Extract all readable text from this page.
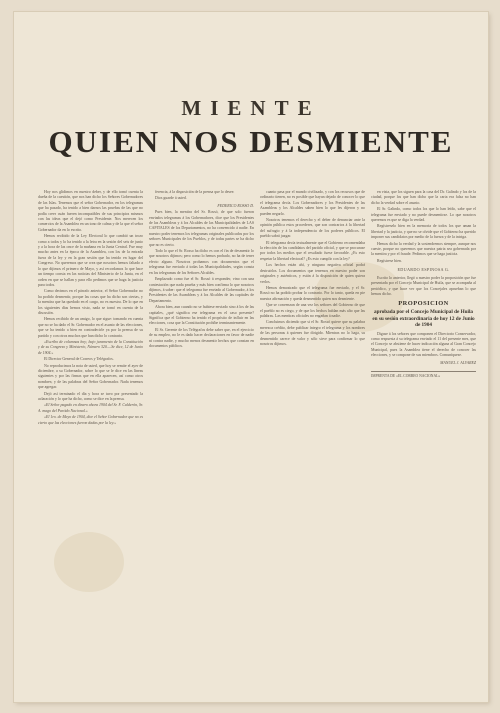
MIENTE
QUIEN NOS DESMIENTE

Hoy nos glidimos en nuestro deber, y de ello tomó cuenta la dueña de la cuestión, que nos han dicho los Señores Gobernadores de las Islas. Tenemos que el señor Gobernador, en los telegramas que ha pasado, ha tenido a bien darnos las pruebas de las que no podía creer cuán fueren incompatibles de sus principios mismos con las ideas que el dejó como Presidente. Nos merecen los comercios de la Asamblea en un tono de calma y de la que el señor Gobernador da en lo escrito.

Hemos recibido de la Ley Electoral lo que cambió un trozo como a todos y lo ha tenido a la letra en la sesión del seis de junio y a la hora de las once de la mañana en la Junta Central. Fue muy mucho antes en la época de la Asamblea, con los de la entrada fuera de la ley y en la gran sesión que ha tenido en lugar del Congreso. No queremos que se crea que nosotros hemos faltado a lo que dijimos el primero de Mayo, y así recordamos lo que hace un tiempo consta en las noticias del Ministerio de la Junta, en el orden en que se hallan y para ello pedimos que se haga la justicia para todos.

Como decimos en el párrafo anterior, el Señor Gobernador no ha podido desmentir, porque las cosas que ha dicho son ciertas, y la mentira que ha quedado en el cargo, no es nuestra. De lo que en los siguientes días hemos visto, nada se tomó en cuenta de la discusión.

Hemos recibido de un amigo, lo que sigue: tomando en cuenta que no se ha dado el Sr. Gobernador en el asunto de las elecciones, que se ha tenido a bien en contradecirle ya por la prensa de su partido y con otros muchos que han dicho lo contrario.

«Escribo de columnas hoy; bajo juramento de la Constitución y de su Congreso y Ministerio, Número 320.—Se dice, 12 de Junio de 1904.»

El Director General de Correos y Telégrafos.

No reproducimos la nota de usted, que hoy se remite el ayer de diciembre, a su Gobernador, sobre lo que se le dice en las líneas siguientes y por las firmas que en ella aparecen, así como otros nombres; y de las palabras del Señor Gobernador. Nada tenemos que agregar.

Dejó así terminado el día y hora se tuvo por presentado la aclaración y lo que ha dicho, como se dice en la prensa.

«El Señor pagado en dinero ahora 1904 del Sr. F. Calderón, Sr. A. mago del Partido Nacional.»

«El 1ro. de Mayo de 1904, dice el Señor Gobernador que no es cierto que las elecciones fueron dadas por la ley.»

ferencia, á la disposición de la prensa que lo desee.

Dios guarde á usted.

FEDERICO ROSSO D.

Pues bien, la mentira del Sr. Rossó, de que solo fueron enviados telegramas á los Gobernadores, dice que los Presidentes de las Asambleas y á los Alcaldes de las Municipalidades de LAS CAPITALES de los Departamentos, no ha convencido á nadie. En nuestro poder tenemos los telegramas originales publicados por los señores Municipales de los Pueblos, y de todas partes se ha dicho que no es cierto.

Todo lo que el Sr. Rosso ha dicho es con el fin de desmentir lo que nosotros dijimos; pero como lo hemos probado, no ha de tener efecto alguno. Nosotros probamos con documentos que el telegrama fue enviado á todas las Municipalidades, según consta en los telegramas de los Señores Alcaldes.

Emplazado como fue el Sr. Rossó á responder, vino con una contestación que nada prueba y más bien confirma lo que nosotros dijimos, á saber: que el telegrama fue enviado al Gobernador, á los Presidentes de las Asambleas y á los Alcaldes de las capitales de Departamento.

Ahora bien, aun cuando no se hubiese enviado sino á los de las capitales, ¿qué significa ese telegrama en el caso presente? Significa que el Gobierno ha tenido el propósito de influir en las elecciones, cosa que la Constitución prohíbe terminantemente.

El Sr. Gerente de los Telégrafos debe saber que, en el ejercicio de su empleo, no le es dado hacer declaraciones en favor de nadie ni contra nadie, y mucho menos desmentir hechos que constan en documentos públicos.

cuanto pasa por el mundo civilizado, y con los recursos que de ordinario tienen, no es posible que hayan dejado de conocer lo que el telegrama decía. Los Gobernadores y los Presidentes de las Asambleas y los Alcaldes saben bien lo que les dijeron y no pueden negarlo.

Nosotros tenemos el derecho y el deber de denunciar ante la opinión pública estos procederes, que son contrarios á la libertad del sufragio y á la independencia de los poderes públicos. El pueblo sabrá juzgar.

El telegrama decía textualmente que el Gobierno recomendaba la elección de los candidatos del partido oficial, y que se procurase por todos los medios que el resultado fuese favorable. ¿Es esto respetar la libertad electoral? ¿Es esto cumplir con la ley?

Los hechos están ahí, y ninguna negativa oficial podrá destruirlos. Los documentos que tenemos en nuestro poder son originales y auténticos, y están á la disposición de quien quiera verlos.

Hemos demostrado que el telegrama fue enviado, y el Sr. Rossó no ha podido probar lo contrario. Por lo tanto, queda en pie nuestra afirmación y queda desmentido quien nos desmiente.

Que se convenzan de una vez los señores del Gobierno de que el pueblo no es ciego, y de que los hechos hablan más alto que las palabras. Las mentiras oficiales no engañan á nadie.

Concluimos diciendo que si el Sr. Rossó quiere que su palabra merezca crédito, debe publicar íntegro el telegrama y los nombres de las personas á quienes fue dirigido. Mientras no lo haga, su desmentido carece de valor y sólo sirve para confirmar lo que nosotros dijimos.

en vista, que los siguen para la casa del Dr. Galindo y los de la ciudad, porque los que han dicho que la carta era falsa no han dicho la verdad sobre el asunto.

El Sr. Galindo, como todos los que lo han leído, sabe que el telegrama fue enviado y no puede desmentirse. Lo que nosotros queremos es que se diga la verdad.

Regístreselo bien en la memoria de todos los que aman la libertad y la justicia, y que no se olvide que el Gobierno ha querido imponer sus candidatos por medio de la fuerza y de la intriga.

Hemos dicho la verdad y la sostendremos siempre, aunque nos cueste, porque no queremos que nuestra patria sea gobernada por la mentira y por el fraude. Pedimos que se haga justicia.

Regístrese bien.

EDUARDO ESPINOSA G.

Escrito lo anterior, llegó a nuestro poder la proposición que fue presentada por el Concejo Municipal de Huila, que se acompaña al periódico, y que hace ver que los Concejales aprueban lo que hemos dicho.

PROPOSICION

aprobada por el Concejo Municipal de Huila en su sesión extraordinaria de hoy 12 de Junio de 1904

Digase á los señores que componen el Directorio Conservador, como respuesta á su telegrama enviado el 11 del presente mes, que el Concejo se abstiene de hacer indicación alguna al Gran Concejo Municipal, pues la Asamblea tiene el derecho de conocer las elecciones, y se compone de sus miembros. Comuníquese.

MANUEL J. ALVAREZ

IMPRENTA DE «EL CORREO NACIONAL»
